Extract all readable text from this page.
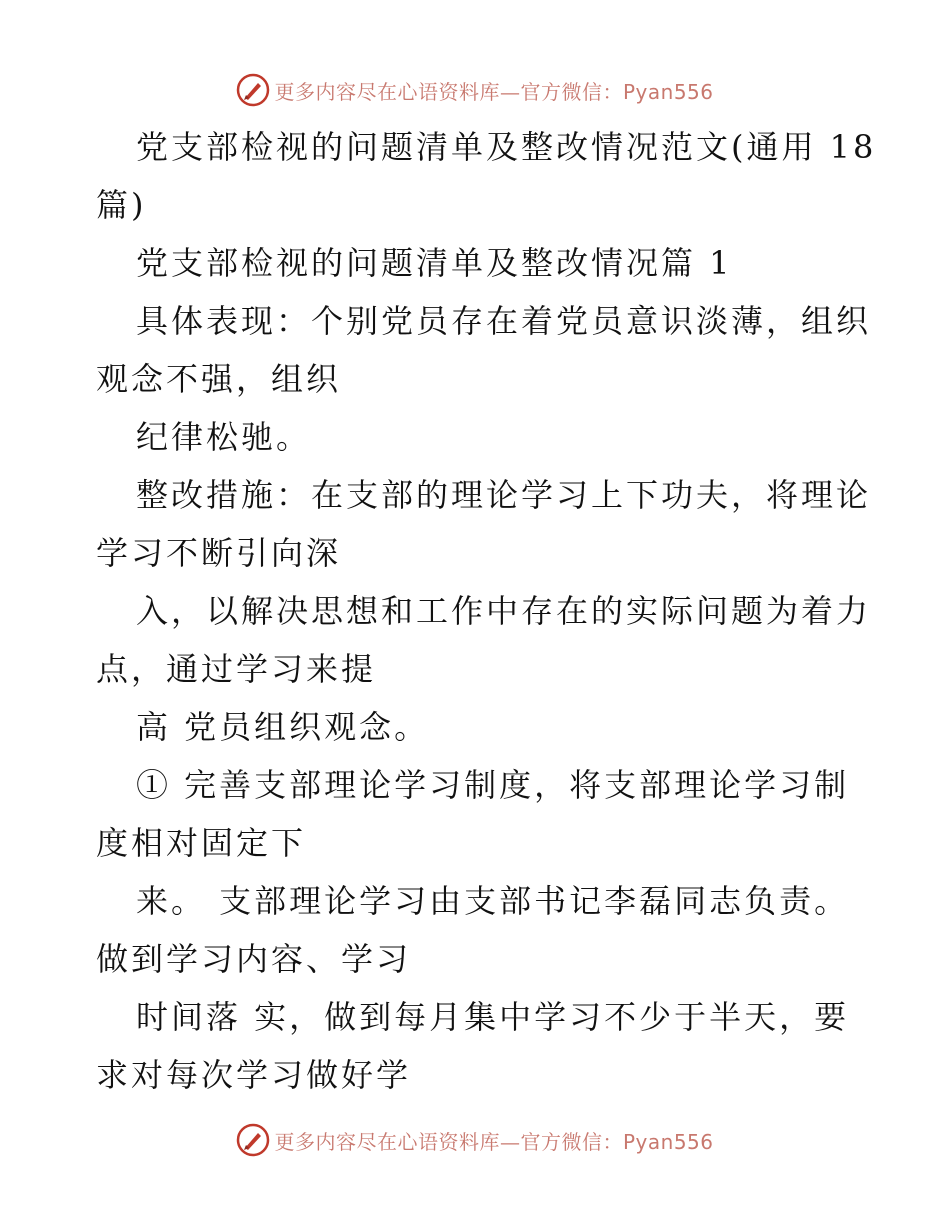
更多内容尽在心语资料库—官方微信：Pyan556

党支部检视的问题清单及整改情况范文(通用 18

篇)

党支部检视的问题清单及整改情况篇 1

具体表现：个别党员存在着党员意识淡薄，组织

观念不强，组织

纪律松驰。

整改措施：在支部的理论学习上下功夫，将理论

学习不断引向深

入，以解决思想和工作中存在的实际问题为着力

点，通过学习来提

高 党员组织观念。

① 完善支部理论学习制度，将支部理论学习制

度相对固定下

来。 支部理论学习由支部书记李磊同志负责。

做到学习内容、学习

时间落 实，做到每月集中学习不少于半天，要

求对每次学习做好学

更多内容尽在心语资料库—官方微信：Pyan556
